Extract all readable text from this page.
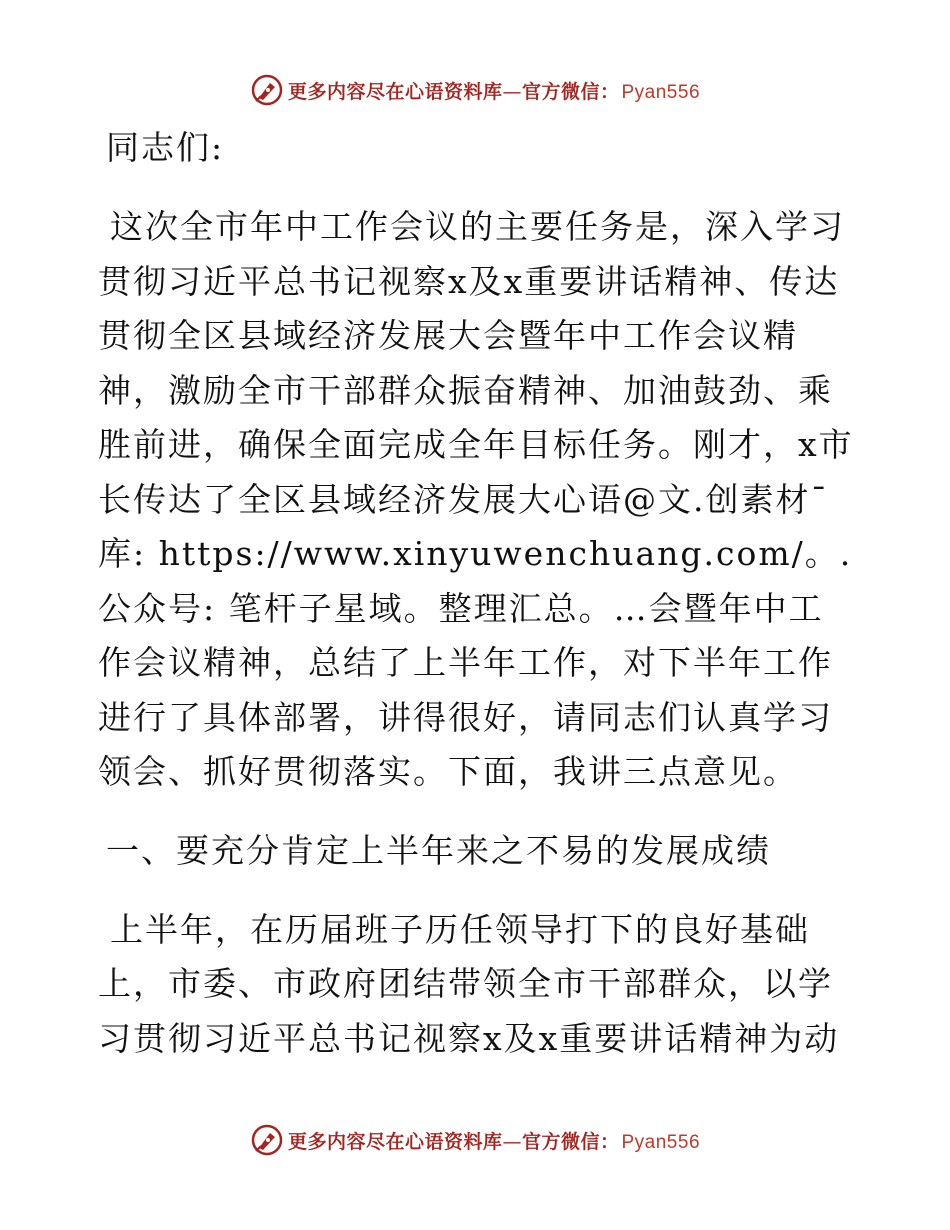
更多内容尽在心语资料库—官方微信： Pyan556
同志们:
这次全市年中工作会议的主要任务是，深入学习贯彻习近平总书记视察x及x重要讲话精神、传达贯彻全区县域经济发展大会暨年中工作会议精神，激励全市干部群众振奋精神、加油鼓劲、乘胜前进，确保全面完成全年目标任务。刚才，x市长传达了全区县域经济发展大心语@文.创素材¯库: https://www.xinyuwenchuang.com/。.公众号: 笔杆子星域。整理汇总。…会暨年中工作会议精神，总结了上半年工作，对下半年工作进行了具体部署，讲得很好，请同志们认真学习领会、抓好贯彻落实。下面，我讲三点意见。
一、要充分肯定上半年来之不易的发展成绩
上半年，在历届班子历任领导打下的良好基础上，市委、市政府团结带领全市干部群众，以学习贯彻习近平总书记视察x及x重要讲话精神为动
更多内容尽在心语资料库—官方微信： Pyan556
